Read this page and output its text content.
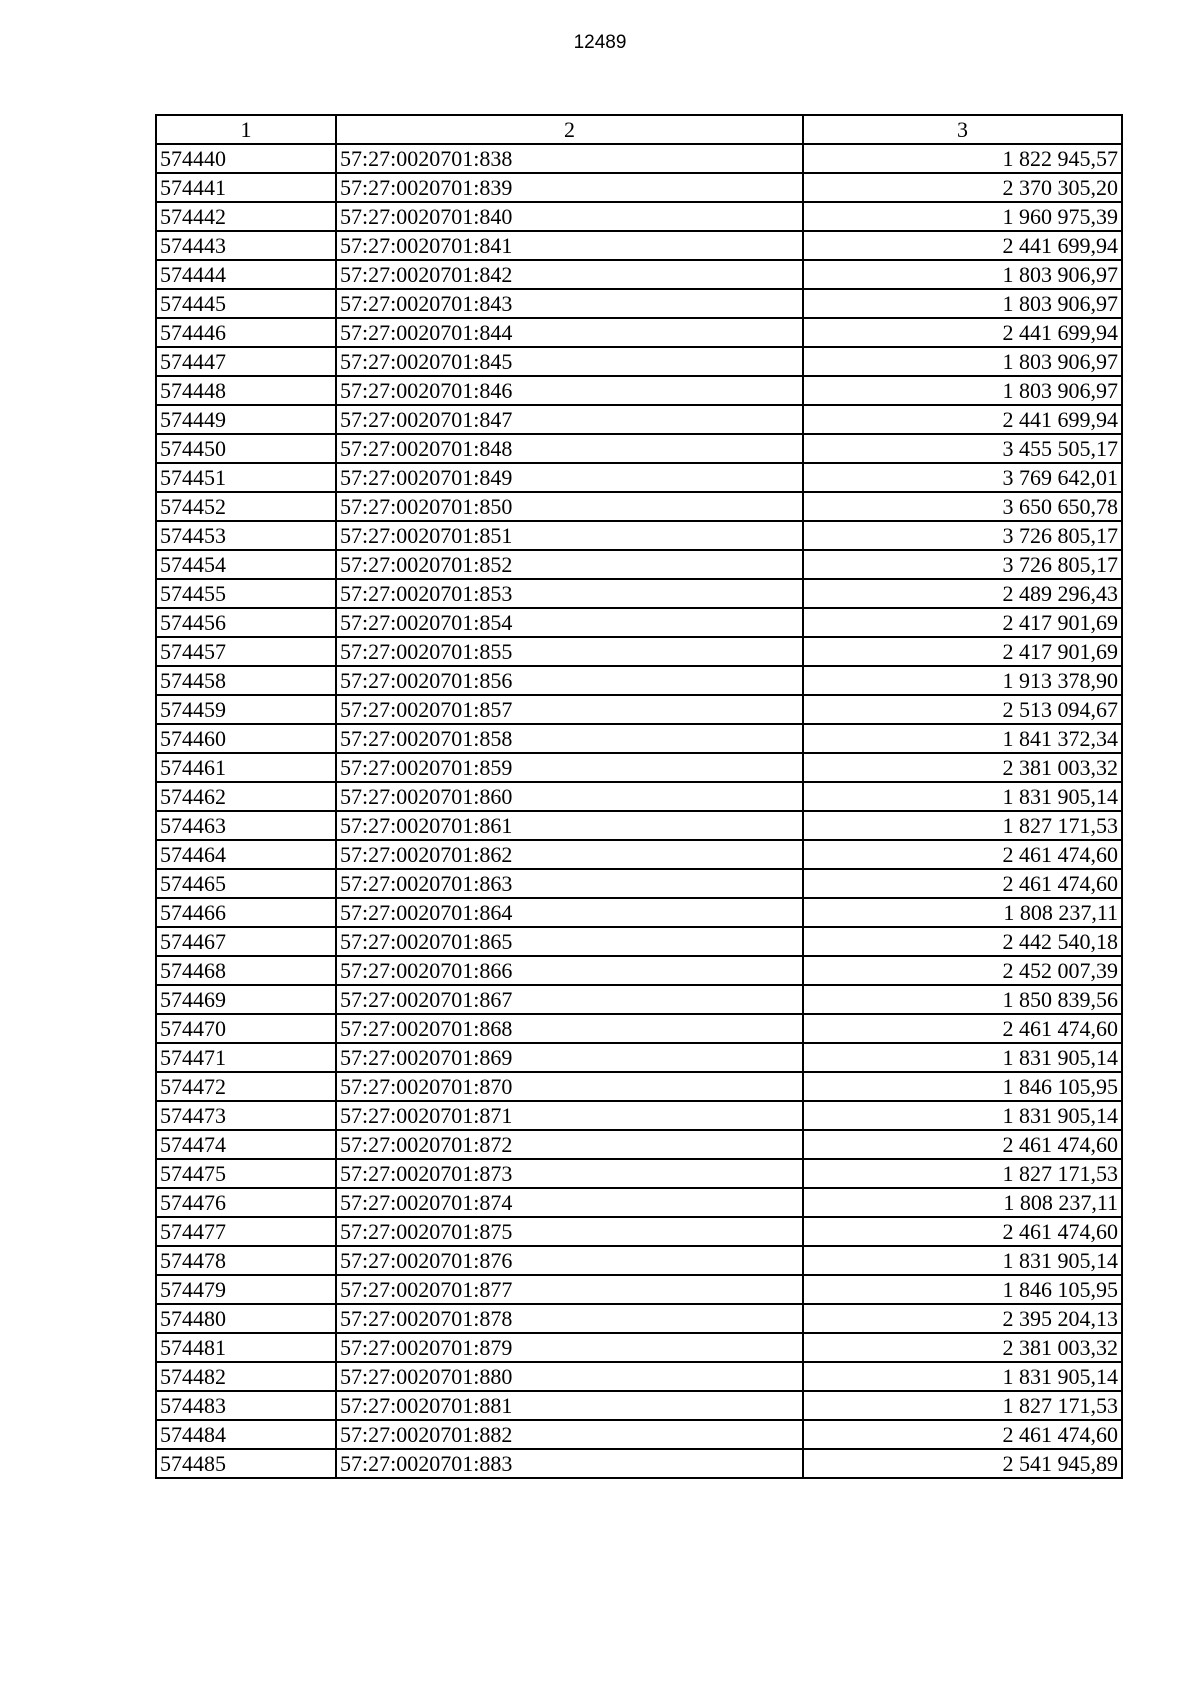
12489
1	2	3
574440	57:27:0020701:838	1 822 945,57
574441	57:27:0020701:839	2 370 305,20
574442	57:27:0020701:840	1 960 975,39
574443	57:27:0020701:841	2 441 699,94
574444	57:27:0020701:842	1 803 906,97
574445	57:27:0020701:843	1 803 906,97
574446	57:27:0020701:844	2 441 699,94
574447	57:27:0020701:845	1 803 906,97
574448	57:27:0020701:846	1 803 906,97
574449	57:27:0020701:847	2 441 699,94
574450	57:27:0020701:848	3 455 505,17
574451	57:27:0020701:849	3 769 642,01
574452	57:27:0020701:850	3 650 650,78
574453	57:27:0020701:851	3 726 805,17
574454	57:27:0020701:852	3 726 805,17
574455	57:27:0020701:853	2 489 296,43
574456	57:27:0020701:854	2 417 901,69
574457	57:27:0020701:855	2 417 901,69
574458	57:27:0020701:856	1 913 378,90
574459	57:27:0020701:857	2 513 094,67
574460	57:27:0020701:858	1 841 372,34
574461	57:27:0020701:859	2 381 003,32
574462	57:27:0020701:860	1 831 905,14
574463	57:27:0020701:861	1 827 171,53
574464	57:27:0020701:862	2 461 474,60
574465	57:27:0020701:863	2 461 474,60
574466	57:27:0020701:864	1 808 237,11
574467	57:27:0020701:865	2 442 540,18
574468	57:27:0020701:866	2 452 007,39
574469	57:27:0020701:867	1 850 839,56
574470	57:27:0020701:868	2 461 474,60
574471	57:27:0020701:869	1 831 905,14
574472	57:27:0020701:870	1 846 105,95
574473	57:27:0020701:871	1 831 905,14
574474	57:27:0020701:872	2 461 474,60
574475	57:27:0020701:873	1 827 171,53
574476	57:27:0020701:874	1 808 237,11
574477	57:27:0020701:875	2 461 474,60
574478	57:27:0020701:876	1 831 905,14
574479	57:27:0020701:877	1 846 105,95
574480	57:27:0020701:878	2 395 204,13
574481	57:27:0020701:879	2 381 003,32
574482	57:27:0020701:880	1 831 905,14
574483	57:27:0020701:881	1 827 171,53
574484	57:27:0020701:882	2 461 474,60
574485	57:27:0020701:883	2 541 945,89
